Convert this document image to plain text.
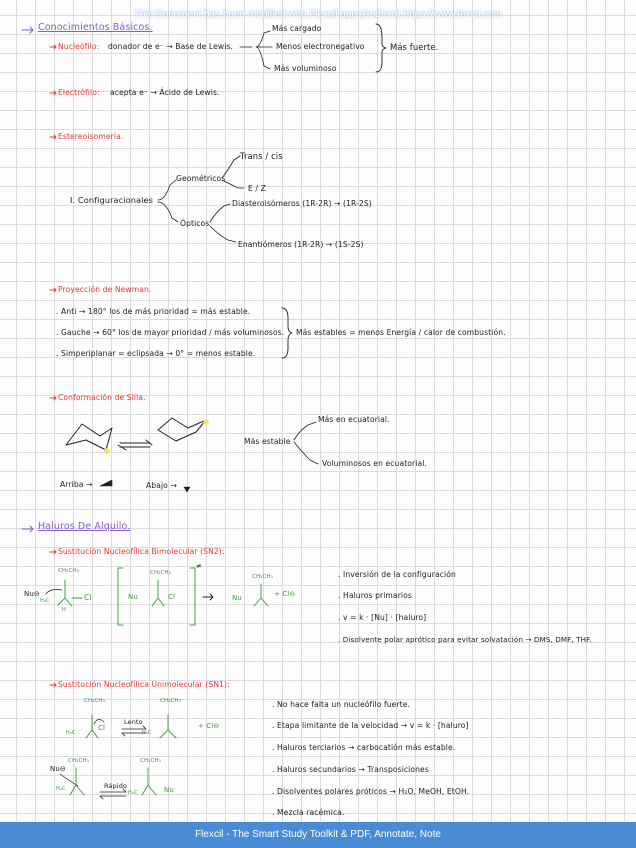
This Document has been modified with Flexcil app (Android) https://www.fexcil.com
Conocimientos Básicos.
Nucleófilo: donador de e⁻ → Base de Lewis.
Más cargado
Menos electronegativo
Más voluminoso
Más fuerte.
Electrófilo: acepta e⁻ → Ácido de Lewis.
Estereoisomería.
I. Configuracionales
Geométricos
Trans / cis
E / Z
Ópticos
Diasteroisómeros (1R-2R) → (1R-2S)
Enantiómeros (1R-2R) → (1S-2S)
Proyección de Newman.
. Anti → 180° los de más prioridad = más estable.
. Gauche → 60° los de mayor prioridad / más voluminosos.
. Simperiplanar = eclipsada → 0° = menos estable.
Más estables = menos Energía / calor de combustión.
Conformación de Silla.
Más estable
Más en ecuatorial.
Voluminosos en ecuatorial.
Arriba →	Abajo →
Haluros De Alquilo.
Sustitución Nucleofílica Bimolecular (SN2):
CH₂CH₃
Nu⊖	Cl
H₃C
H
CH₂CH₃
Nu	Cl
≠
CH₂CH₃
Nu	+ Cl⊖
. Inversión de la configuración
. Haluros primarios
. v = k · [Nu] · [haluro]
. Disolvente polar aprótico para evitar solvatación → DMS, DMF, THF.
Sustitución Nucleofílica Unimolecular (SN1):
CH₂CH₃
Cl
H₃C
Lento
CH₂CH₃
H₃C
+ Cl⊖
Nu⊖
CH₂CH₃
H₃C	Rápido
CH₂CH₃
Nu
H₃C
. No hace falta un nucleófilo fuerte.
. Etapa limitante de la velocidad → v = k · [haluro]
. Haluros terciarios → carbocatión más estable.
. Haluros secundarios → Transposiciones
. Disolventes polares próticos → H₂O, MeOH, EtOH.
. Mezcla racémica.
Flexcil - The Smart Study Toolkit & PDF, Annotate, Note
